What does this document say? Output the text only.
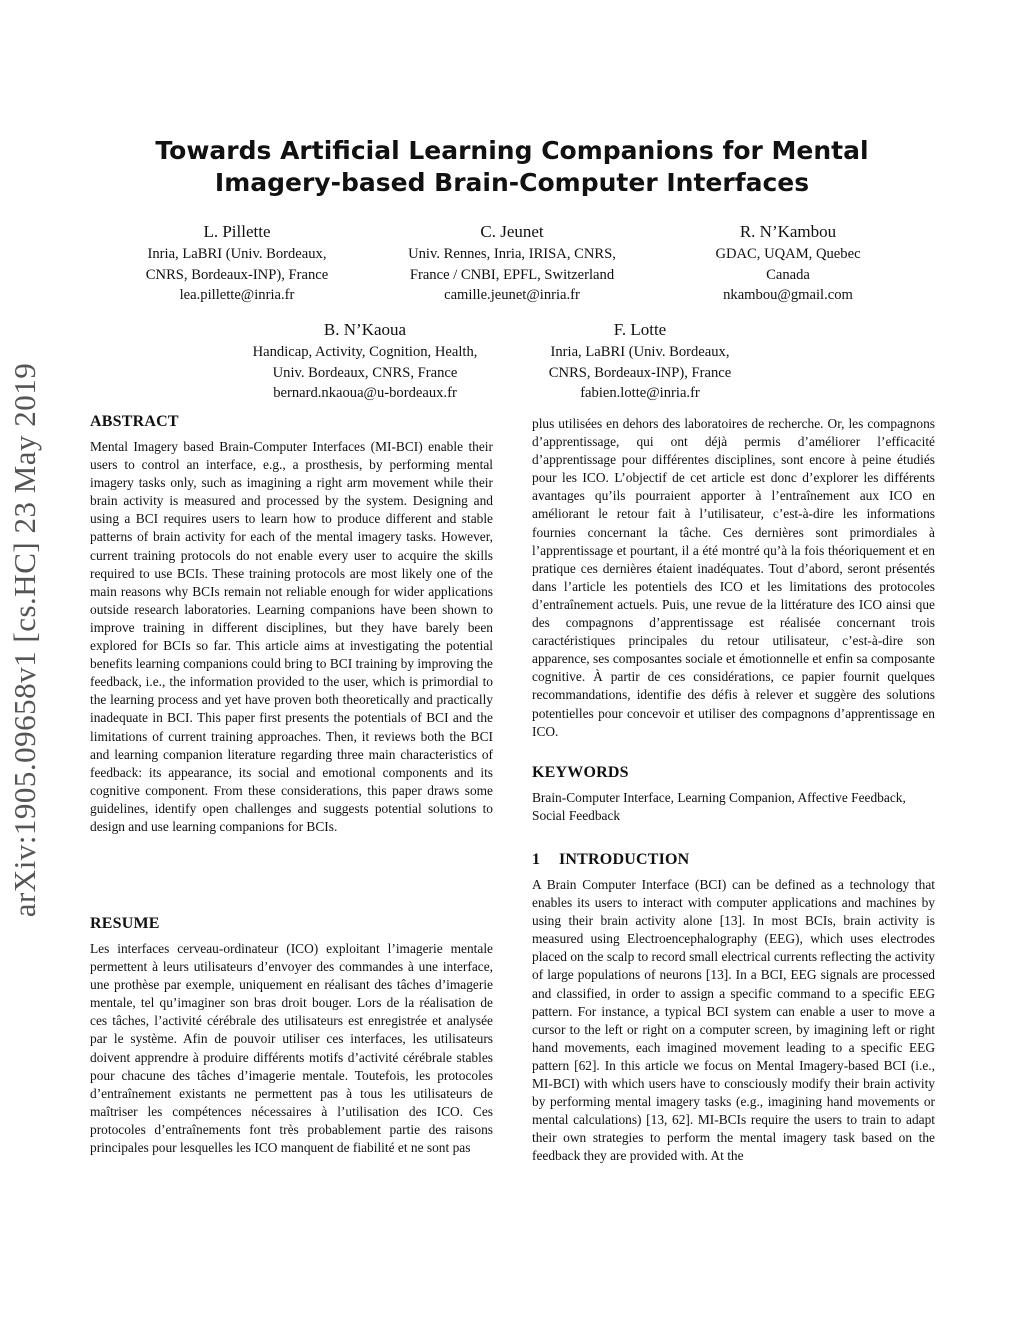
arXiv:1905.09658v1 [cs.HC] 23 May 2019
Towards Artificial Learning Companions for Mental Imagery-based Brain-Computer Interfaces
L. Pillette
Inria, LaBRI (Univ. Bordeaux,
CNRS, Bordeaux-INP), France
lea.pillette@inria.fr
C. Jeunet
Univ. Rennes, Inria, IRISA, CNRS,
France / CNBI, EPFL, Switzerland
camille.jeunet@inria.fr
R. N’Kambou
GDAC, UQAM, Quebec
Canada
nkambou@gmail.com
B. N’Kaoua
Handicap, Activity, Cognition, Health,
Univ. Bordeaux, CNRS, France
bernard.nkaoua@u-bordeaux.fr
F. Lotte
Inria, LaBRI (Univ. Bordeaux,
CNRS, Bordeaux-INP), France
fabien.lotte@inria.fr
ABSTRACT

Mental Imagery based Brain-Computer Interfaces (MI-BCI) enable their users to control an interface, e.g., a prosthesis, by performing mental imagery tasks only, such as imagining a right arm movement while their brain activity is measured and processed by the system. Designing and using a BCI requires users to learn how to produce different and stable patterns of brain activity for each of the mental imagery tasks. However, current training protocols do not enable every user to acquire the skills required to use BCIs. These training protocols are most likely one of the main reasons why BCIs remain not reliable enough for wider applications outside research laboratories. Learning companions have been shown to improve training in different disciplines, but they have barely been explored for BCIs so far. This article aims at investigating the potential benefits learning companions could bring to BCI training by improving the feedback, i.e., the information provided to the user, which is primordial to the learning process and yet have proven both theoretically and practically inadequate in BCI. This paper first presents the potentials of BCI and the limitations of current training approaches. Then, it reviews both the BCI and learning companion literature regarding three main characteristics of feedback: its appearance, its social and emotional components and its cognitive component. From these considerations, this paper draws some guidelines, identify open challenges and suggests potential solutions to design and use learning companions for BCIs.

RESUME

Les interfaces cerveau-ordinateur (ICO) exploitant l’imagerie mentale permettent à leurs utilisateurs d’envoyer des commandes à une interface, une prothèse par exemple, uniquement en réalisant des tâches d’imagerie mentale, tel qu’imaginer son bras droit bouger. Lors de la réalisation de ces tâches, l’activité cérébrale des utilisateurs est enregistrée et analysée par le système. Afin de pouvoir utiliser ces interfaces, les utilisateurs doivent apprendre à produire différents motifs d’activité cérébrale stables pour chacune des tâches d’imagerie mentale. Toutefois, les protocoles d’entraînement existants ne permettent pas à tous les utilisateurs de maîtriser les compétences nécessaires à l’utilisation des ICO. Ces protocoles d’entraînements font très probablement partie des raisons principales pour lesquelles les ICO manquent de fiabilité et ne sont pas

plus utilisées en dehors des laboratoires de recherche. Or, les compagnons d’apprentissage, qui ont déjà permis d’améliorer l’efficacité d’apprentissage pour différentes disciplines, sont encore à peine étudiés pour les ICO. L’objectif de cet article est donc d’explorer les différents avantages qu’ils pourraient apporter à l’entraînement aux ICO en améliorant le retour fait à l’utilisateur, c’est-à-dire les informations fournies concernant la tâche. Ces dernières sont primordiales à l’apprentissage et pourtant, il a été montré qu’à la fois théoriquement et en pratique ces dernières étaient inadéquates. Tout d’abord, seront présentés dans l’article les potentiels des ICO et les limitations des protocoles d’entraînement actuels. Puis, une revue de la littérature des ICO ainsi que des compagnons d’apprentissage est réalisée concernant trois caractéristiques principales du retour utilisateur, c’est-à-dire son apparence, ses composantes sociale et émotionnelle et enfin sa composante cognitive. À partir de ces considérations, ce papier fournit quelques recommandations, identifie des défis à relever et suggère des solutions potentielles pour concevoir et utiliser des compagnons d’apprentissage en ICO.

KEYWORDS

Brain-Computer Interface, Learning Companion, Affective Feedback, Social Feedback

1 INTRODUCTION

A Brain Computer Interface (BCI) can be defined as a technology that enables its users to interact with computer applications and machines by using their brain activity alone [13]. In most BCIs, brain activity is measured using Electroencephalography (EEG), which uses electrodes placed on the scalp to record small electrical currents reflecting the activity of large populations of neurons [13]. In a BCI, EEG signals are processed and classified, in order to assign a specific command to a specific EEG pattern. For instance, a typical BCI system can enable a user to move a cursor to the left or right on a computer screen, by imagining left or right hand movements, each imagined movement leading to a specific EEG pattern [62]. In this article we focus on Mental Imagery-based BCI (i.e., MI-BCI) with which users have to consciously modify their brain activity by performing mental imagery tasks (e.g., imagining hand movements or mental calculations) [13, 62]. MI-BCIs require the users to train to adapt their own strategies to perform the mental imagery task based on the feedback they are provided with. At the
